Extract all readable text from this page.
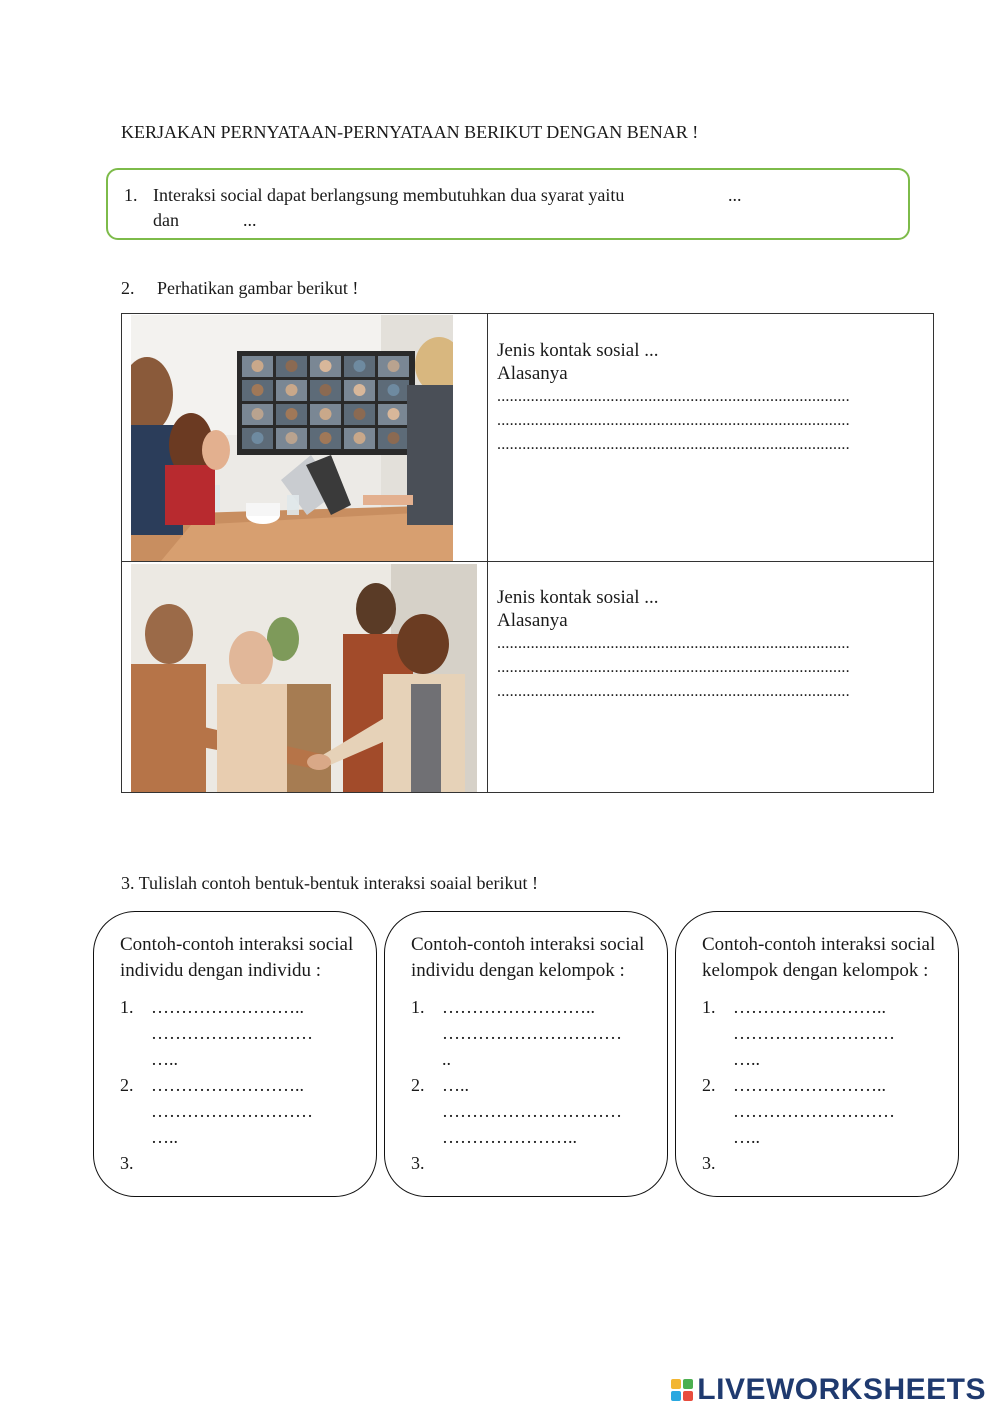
KERJAKAN PERNYATAAN-PERNYATAAN BERIKUT DENGAN BENAR !
1. Interaksi social dapat berlangsung membutuhkan dua syarat yaitu	...
dan	...
2. Perhatikan gambar berikut !
Jenis kontak sosial ...
Alasanya
....................................................................................
....................................................................................
....................................................................................
Jenis kontak sosial ...
Alasanya
....................................................................................
....................................................................................
....................................................................................
3. Tulislah contoh bentuk-bentuk interaksi soaial berikut !
Contoh-contoh interaksi social individu dengan individu :
1. ……………………..
………………………
…..
2. ……………………..
………………………
…..
3.
Contoh-contoh interaksi social individu dengan kelompok :
1. ……………………..
…………………………
..
2. …..
…………………………
…………………..
3.
Contoh-contoh interaksi social kelompok dengan kelompok :
1. ……………………..
………………………
…..
2. ……………………..
………………………
…..
3.
LIVEWORKSHEETS
